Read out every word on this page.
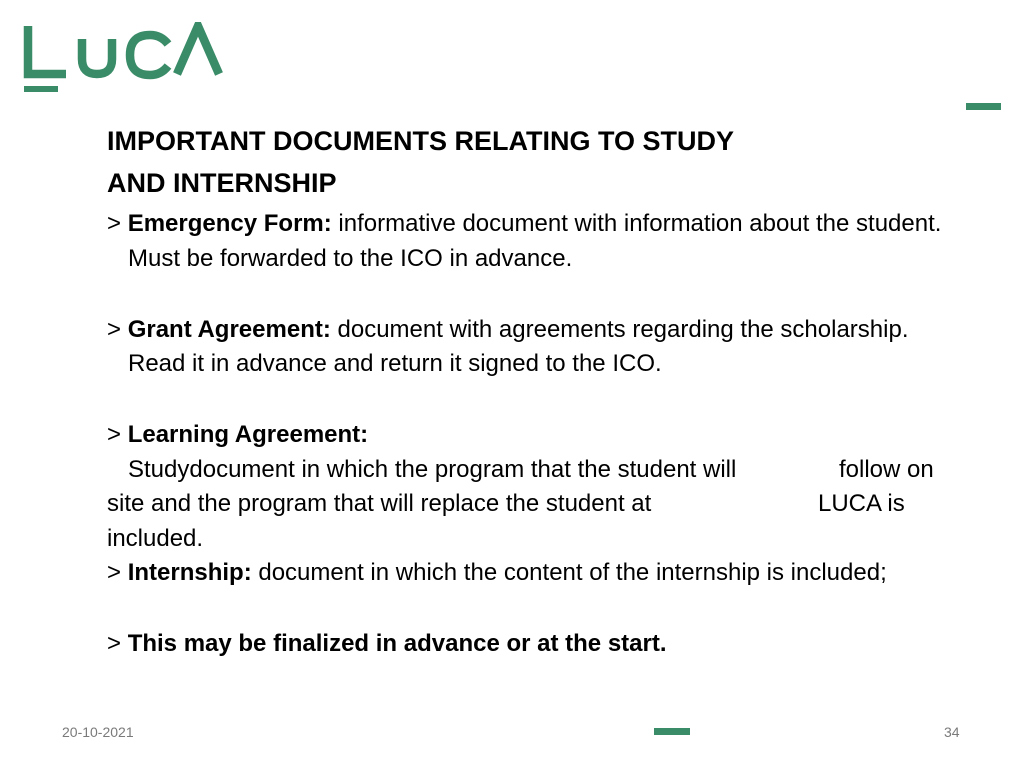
IMPORTANT DOCUMENTS RELATING TO STUDY
AND INTERNSHIP

> Emergency Form: informative document with information about the student. Must be forwarded to the ICO in advance.

> Grant Agreement: document with agreements regarding the scholarship. Read it in advance and return it signed to the ICO.

> Learning Agreement:
Studydocument in which the program that the student will	follow on
site and the program that will replace the student at	LUCA is
included.

> Internship: document in which the content of the internship is included;

> This may be finalized in advance or at the start.

20-10-2021	34
